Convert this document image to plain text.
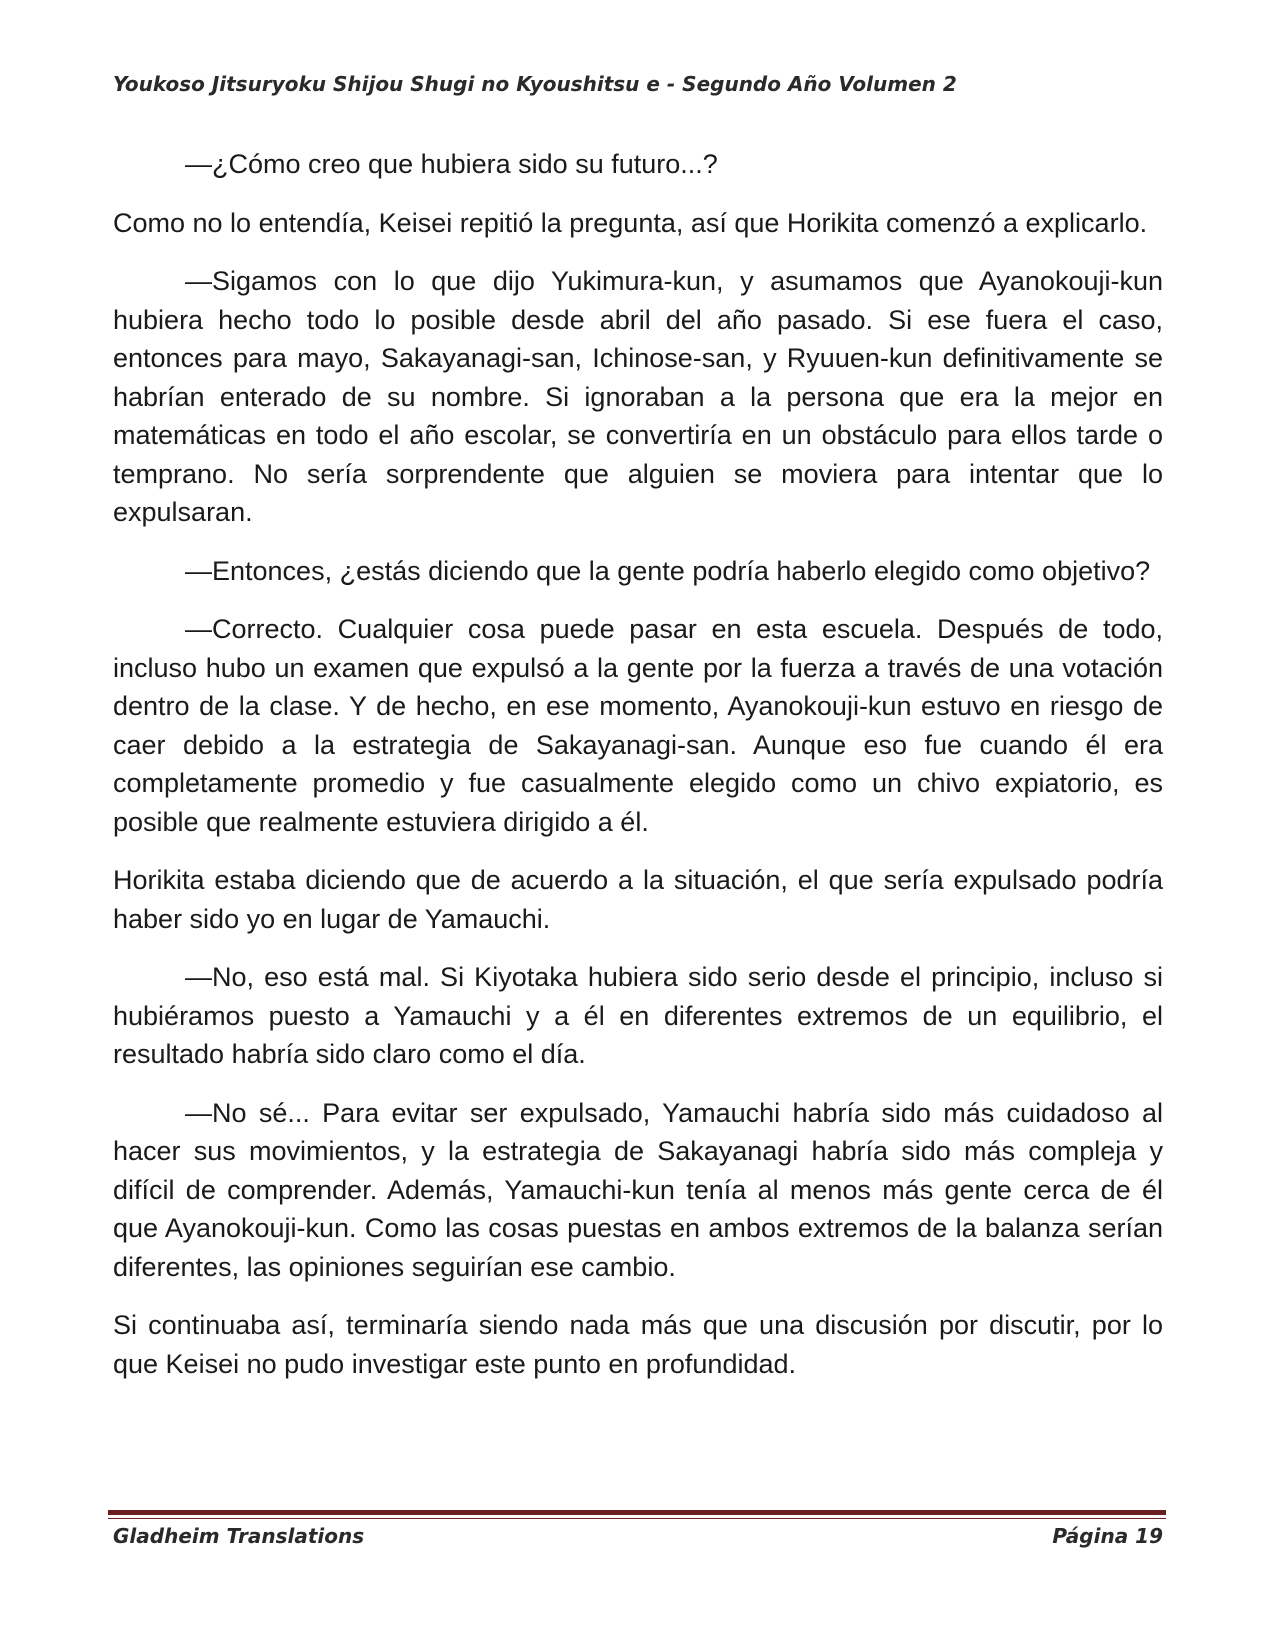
Youkoso Jitsuryoku Shijou Shugi no Kyoushitsu e - Segundo Año Volumen 2

—¿Cómo creo que hubiera sido su futuro...?

Como no lo entendía, Keisei repitió la pregunta, así que Horikita comenzó a explicarlo.

—Sigamos con lo que dijo Yukimura-kun, y asumamos que Ayanokouji-kun hubiera hecho todo lo posible desde abril del año pasado. Si ese fuera el caso, entonces para mayo, Sakayanagi-san, Ichinose-san, y Ryuuen-kun definitivamente se habrían enterado de su nombre. Si ignoraban a la persona que era la mejor en matemáticas en todo el año escolar, se convertiría en un obstáculo para ellos tarde o temprano. No sería sorprendente que alguien se moviera para intentar que lo expulsaran.

—Entonces, ¿estás diciendo que la gente podría haberlo elegido como objetivo?

—Correcto. Cualquier cosa puede pasar en esta escuela. Después de todo, incluso hubo un examen que expulsó a la gente por la fuerza a través de una votación dentro de la clase. Y de hecho, en ese momento, Ayanokouji-kun estuvo en riesgo de caer debido a la estrategia de Sakayanagi-san. Aunque eso fue cuando él era completamente promedio y fue casualmente elegido como un chivo expiatorio, es posible que realmente estuviera dirigido a él.

Horikita estaba diciendo que de acuerdo a la situación, el que sería expulsado podría haber sido yo en lugar de Yamauchi.

—No, eso está mal. Si Kiyotaka hubiera sido serio desde el principio, incluso si hubiéramos puesto a Yamauchi y a él en diferentes extremos de un equilibrio, el resultado habría sido claro como el día.

—No sé... Para evitar ser expulsado, Yamauchi habría sido más cuidadoso al hacer sus movimientos, y la estrategia de Sakayanagi habría sido más compleja y difícil de comprender. Además, Yamauchi-kun tenía al menos más gente cerca de él que Ayanokouji-kun. Como las cosas puestas en ambos extremos de la balanza serían diferentes, las opiniones seguirían ese cambio.

Si continuaba así, terminaría siendo nada más que una discusión por discutir, por lo que Keisei no pudo investigar este punto en profundidad.

Gladheim Translations	Página 19
